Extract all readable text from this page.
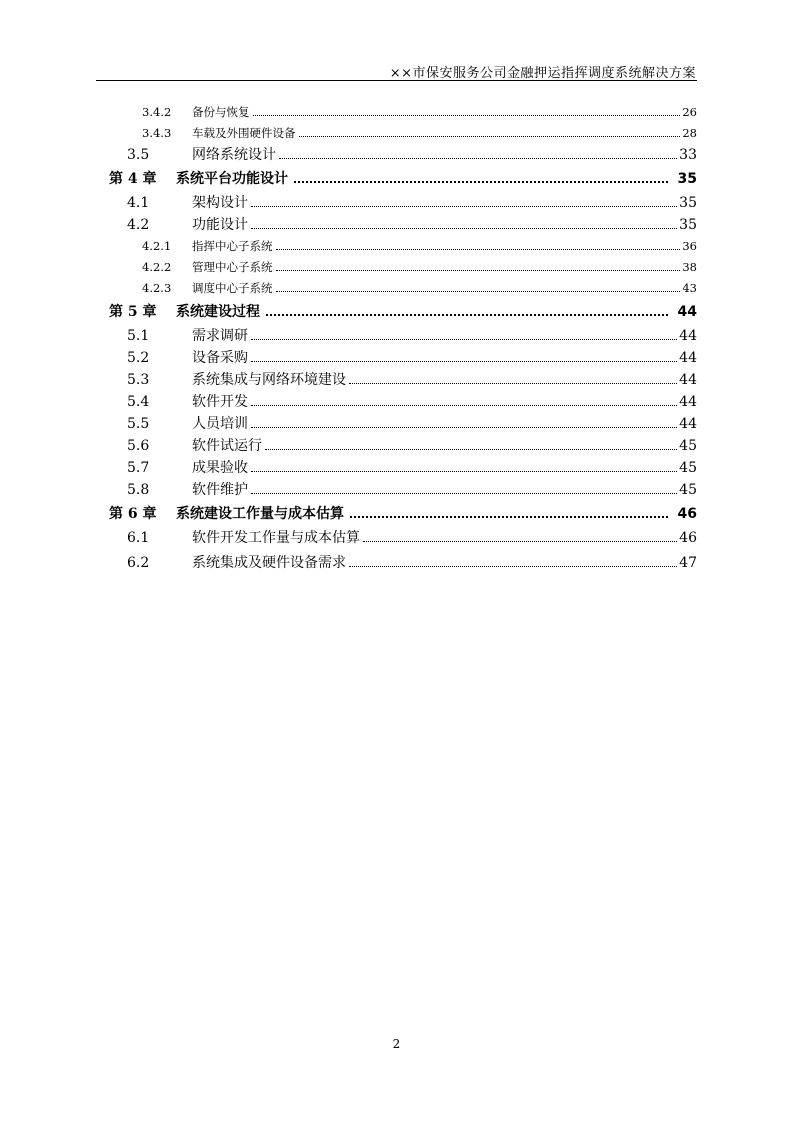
××市保安服务公司金融押运指挥调度系统解决方案
3.4.2	备份与恢复	26
3.4.3	车载及外围硬件设备	28
3.5	网络系统设计	33
第 4 章	系统平台功能设计	35
4.1	架构设计	35
4.2	功能设计	35
4.2.1	指挥中心子系统	36
4.2.2	管理中心子系统	38
4.2.3	调度中心子系统	43
第 5 章	系统建设过程	44
5.1	需求调研	44
5.2	设备采购	44
5.3	系统集成与网络环境建设	44
5.4	软件开发	44
5.5	人员培训	44
5.6	软件试运行	45
5.7	成果验收	45
5.8	软件维护	45
第 6 章	系统建设工作量与成本估算	46
6.1	软件开发工作量与成本估算	46
6.2	系统集成及硬件设备需求	47
2
